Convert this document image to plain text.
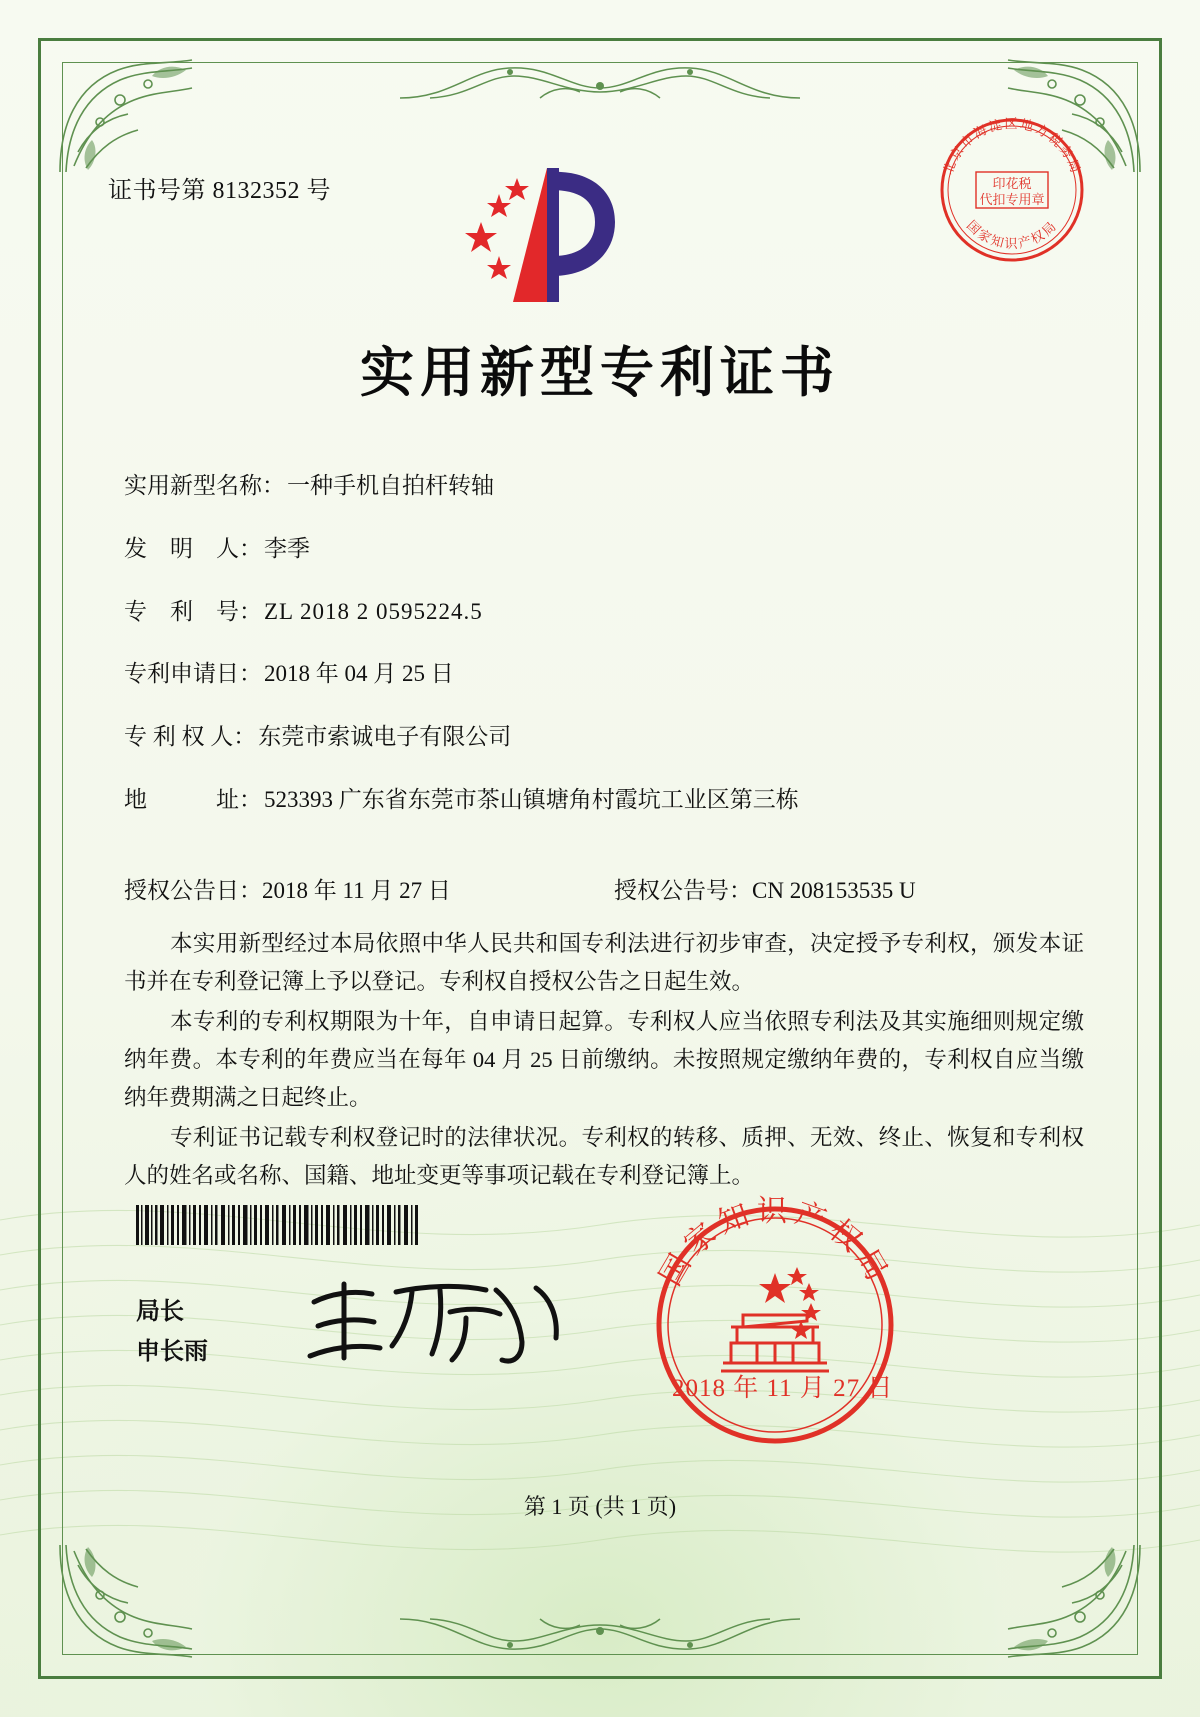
证书号第 8132352 号
北京市海淀区地方税务局
国家知识产权局
印花税
代扣专用章
实用新型专利证书
实用新型名称： 一种手机自拍杆转轴
发　明　人： 李季
专　利　号： ZL 2018 2 0595224.5
专利申请日： 2018 年 04 月 25 日
专 利 权 人： 东莞市索诚电子有限公司
地　　　址： 523393 广东省东莞市茶山镇塘角村霞坑工业区第三栋
授权公告日：2018 年 11 月 27 日	授权公告号：CN 208153535 U

本实用新型经过本局依照中华人民共和国专利法进行初步审查，决定授予专利权，颁发本证书并在专利登记簿上予以登记。专利权自授权公告之日起生效。

本专利的专利权期限为十年，自申请日起算。专利权人应当依照专利法及其实施细则规定缴纳年费。本专利的年费应当在每年 04 月 25 日前缴纳。未按照规定缴纳年费的，专利权自应当缴纳年费期满之日起终止。

专利证书记载专利权登记时的法律状况。专利权的转移、质押、无效、终止、恢复和专利权人的姓名或名称、国籍、地址变更等事项记载在专利登记簿上。

局长
申长雨
国家知识产权局
2018 年 11 月 27 日
第 1 页 (共 1 页)
